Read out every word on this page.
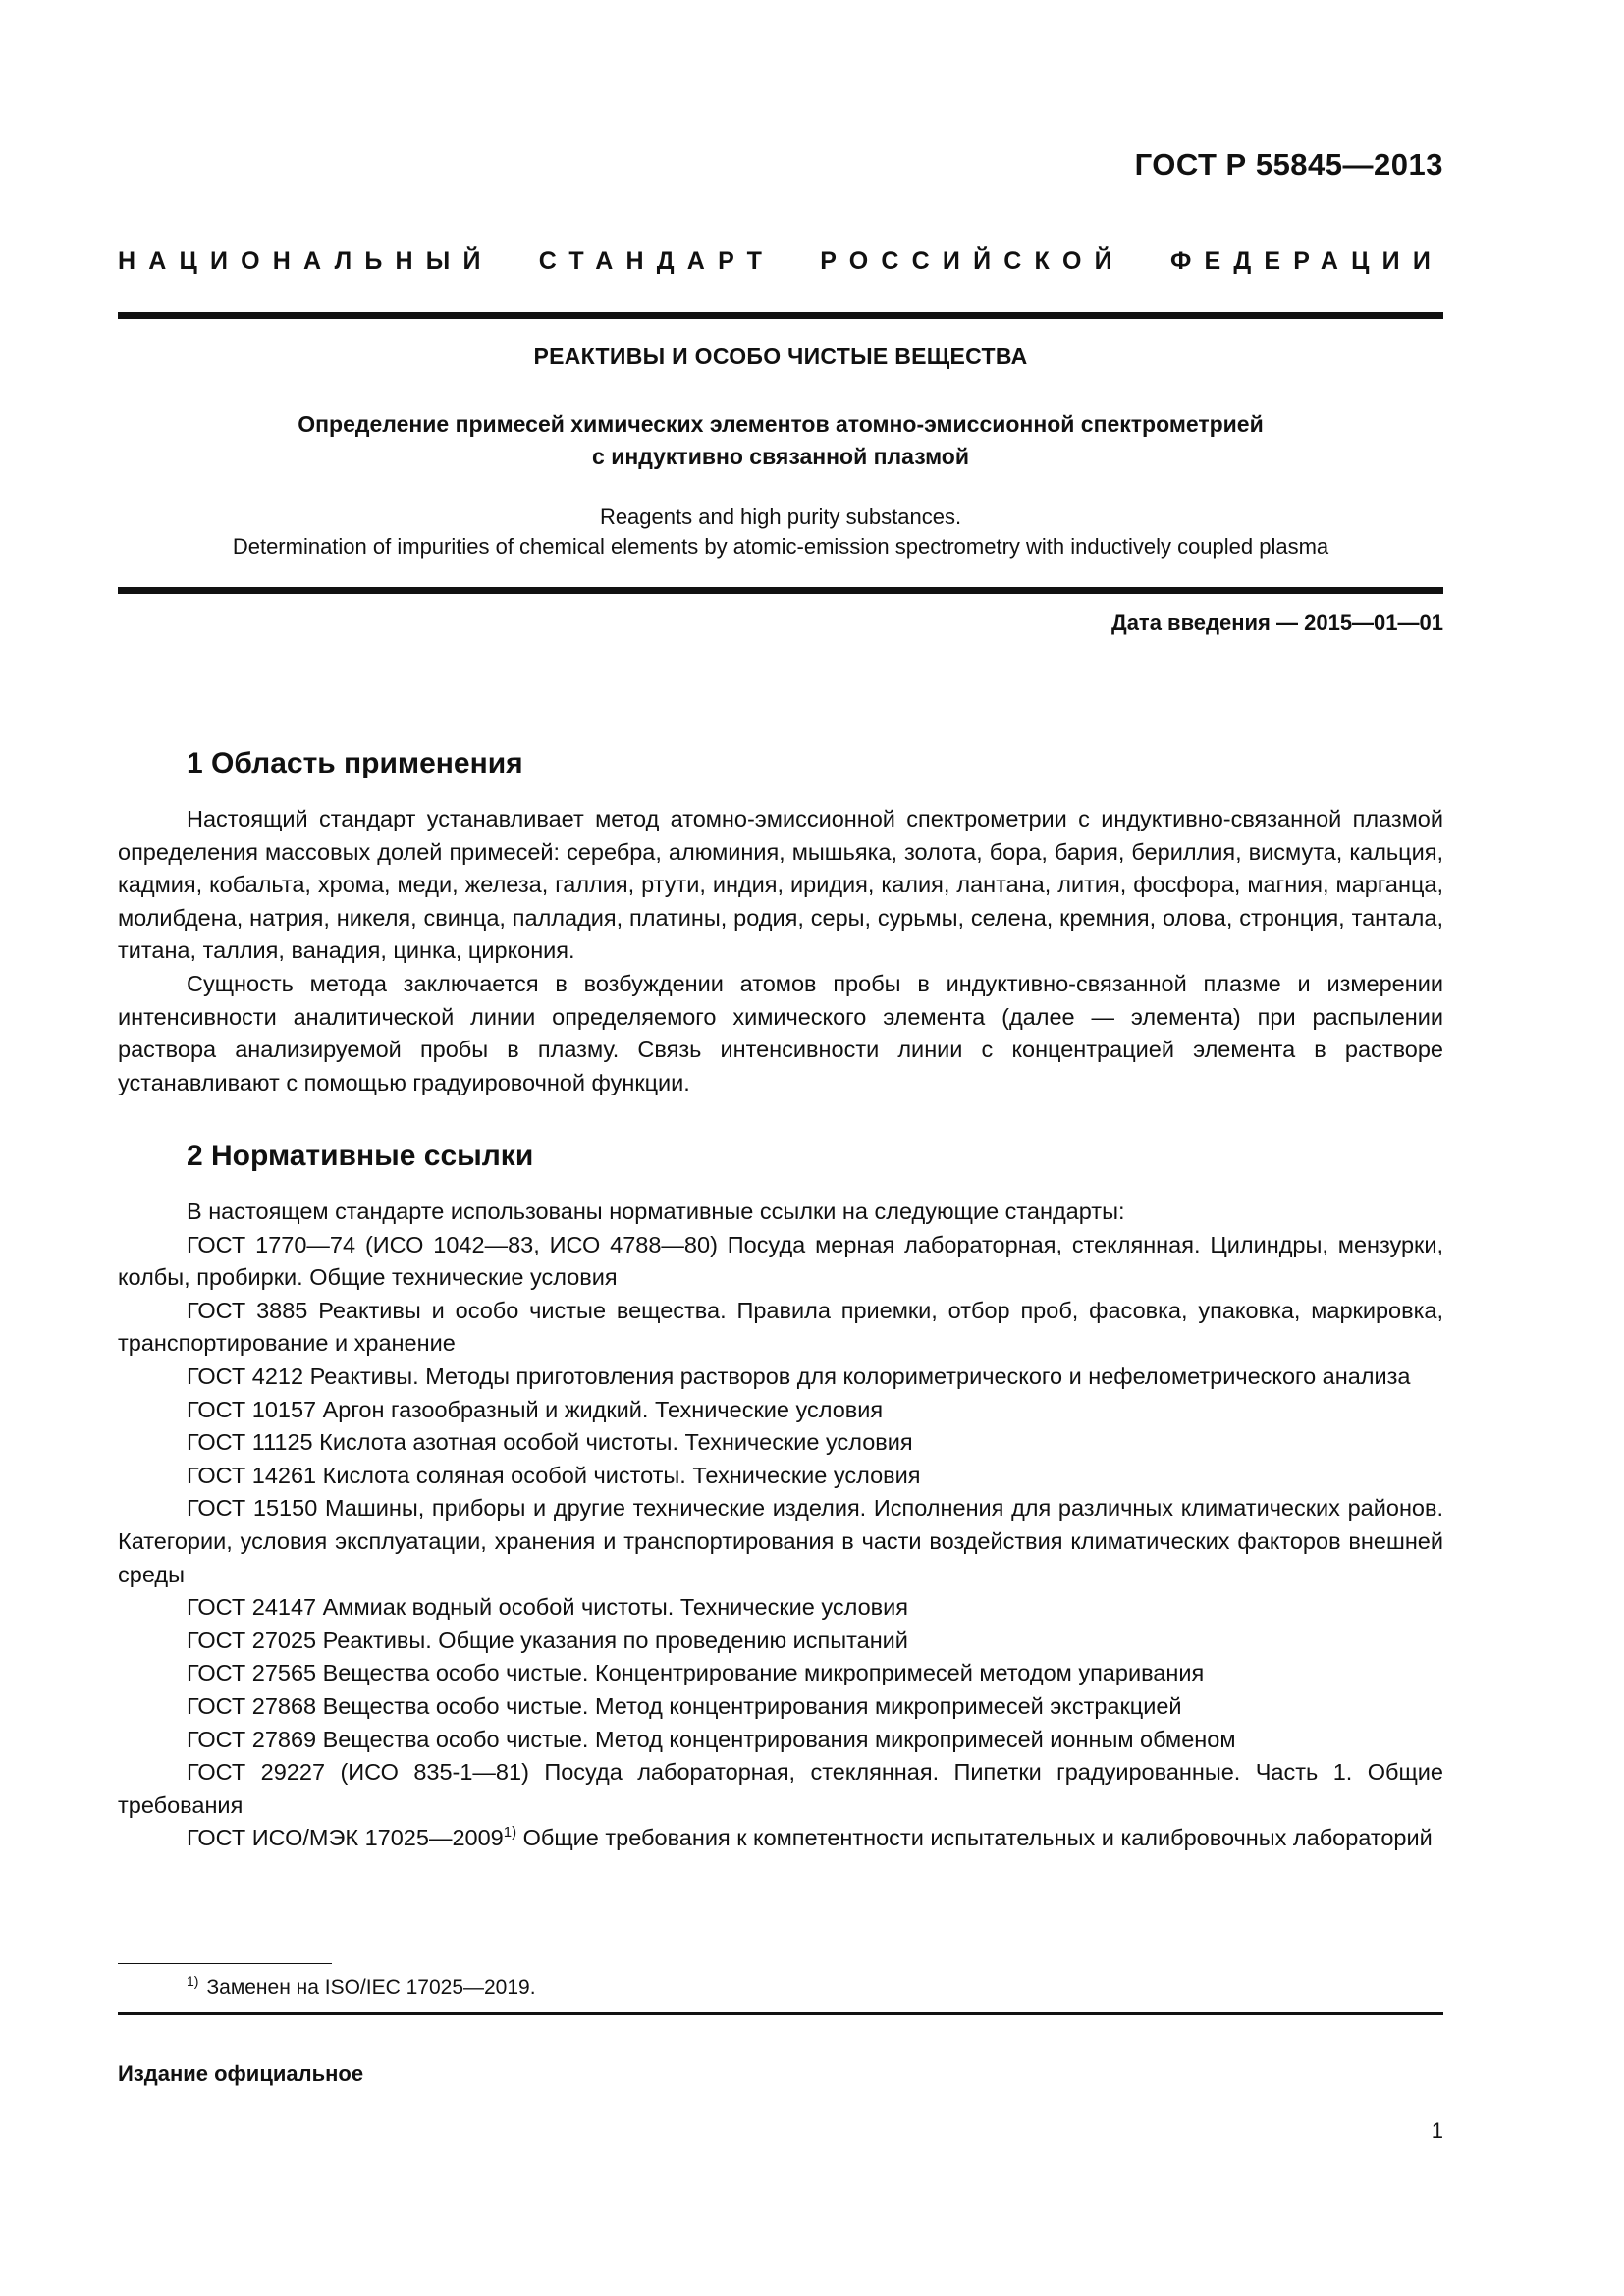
ГОСТ Р 55845—2013
НАЦИОНАЛЬНЫЙ СТАНДАРТ РОССИЙСКОЙ ФЕДЕРАЦИИ
РЕАКТИВЫ И ОСОБО ЧИСТЫЕ ВЕЩЕСТВА
Определение примесей химических элементов атомно-эмиссионной спектрометрией
с индуктивно связанной плазмой
Reagents and high purity substances.
Determination of impurities of chemical elements by atomic-emission spectrometry with inductively coupled plasma
Дата введения — 2015—01—01
1 Область применения

Настоящий стандарт устанавливает метод атомно-эмиссионной спектрометрии с индуктивно-связанной плазмой определения массовых долей примесей: серебра, алюминия, мышьяка, золота, бора, бария, бериллия, висмута, кальция, кадмия, кобальта, хрома, меди, железа, галлия, ртути, индия, иридия, калия, лантана, лития, фосфора, магния, марганца, молибдена, натрия, никеля, свинца, палладия, платины, родия, серы, сурьмы, селена, кремния, олова, стронция, тантала, титана, таллия, ванадия, цинка, циркония.

Сущность метода заключается в возбуждении атомов пробы в индуктивно-связанной плазме и измерении интенсивности аналитической линии определяемого химического элемента (далее — элемента) при распылении раствора анализируемой пробы в плазму. Связь интенсивности линии с концентрацией элемента в растворе устанавливают с помощью градуировочной функции.

2 Нормативные ссылки

В настоящем стандарте использованы нормативные ссылки на следующие стандарты:

ГОСТ 1770—74 (ИСО 1042—83, ИСО 4788—80) Посуда мерная лабораторная, стеклянная. Цилиндры, мензурки, колбы, пробирки. Общие технические условия

ГОСТ 3885 Реактивы и особо чистые вещества. Правила приемки, отбор проб, фасовка, упаковка, маркировка, транспортирование и хранение

ГОСТ 4212 Реактивы. Методы приготовления растворов для колориметрического и нефелометрического анализа

ГОСТ 10157 Аргон газообразный и жидкий. Технические условия

ГОСТ 11125 Кислота азотная особой чистоты. Технические условия

ГОСТ 14261 Кислота соляная особой чистоты. Технические условия

ГОСТ 15150 Машины, приборы и другие технические изделия. Исполнения для различных климатических районов. Категории, условия эксплуатации, хранения и транспортирования в части воздействия климатических факторов внешней среды

ГОСТ 24147 Аммиак водный особой чистоты. Технические условия

ГОСТ 27025 Реактивы. Общие указания по проведению испытаний

ГОСТ 27565 Вещества особо чистые. Концентрирование микропримесей методом упаривания

ГОСТ 27868 Вещества особо чистые. Метод концентрирования микропримесей экстракцией

ГОСТ 27869 Вещества особо чистые. Метод концентрирования микропримесей ионным обменом

ГОСТ 29227 (ИСО 835-1—81) Посуда лабораторная, стеклянная. Пипетки градуированные. Часть 1. Общие требования

ГОСТ ИСО/МЭК 17025—2009$^{1)}$ Общие требования к компетентности испытательных и калибровочных лабораторий

$^{1)}$ Заменен на ISO/IEC 17025—2019.
Издание официальное
1
